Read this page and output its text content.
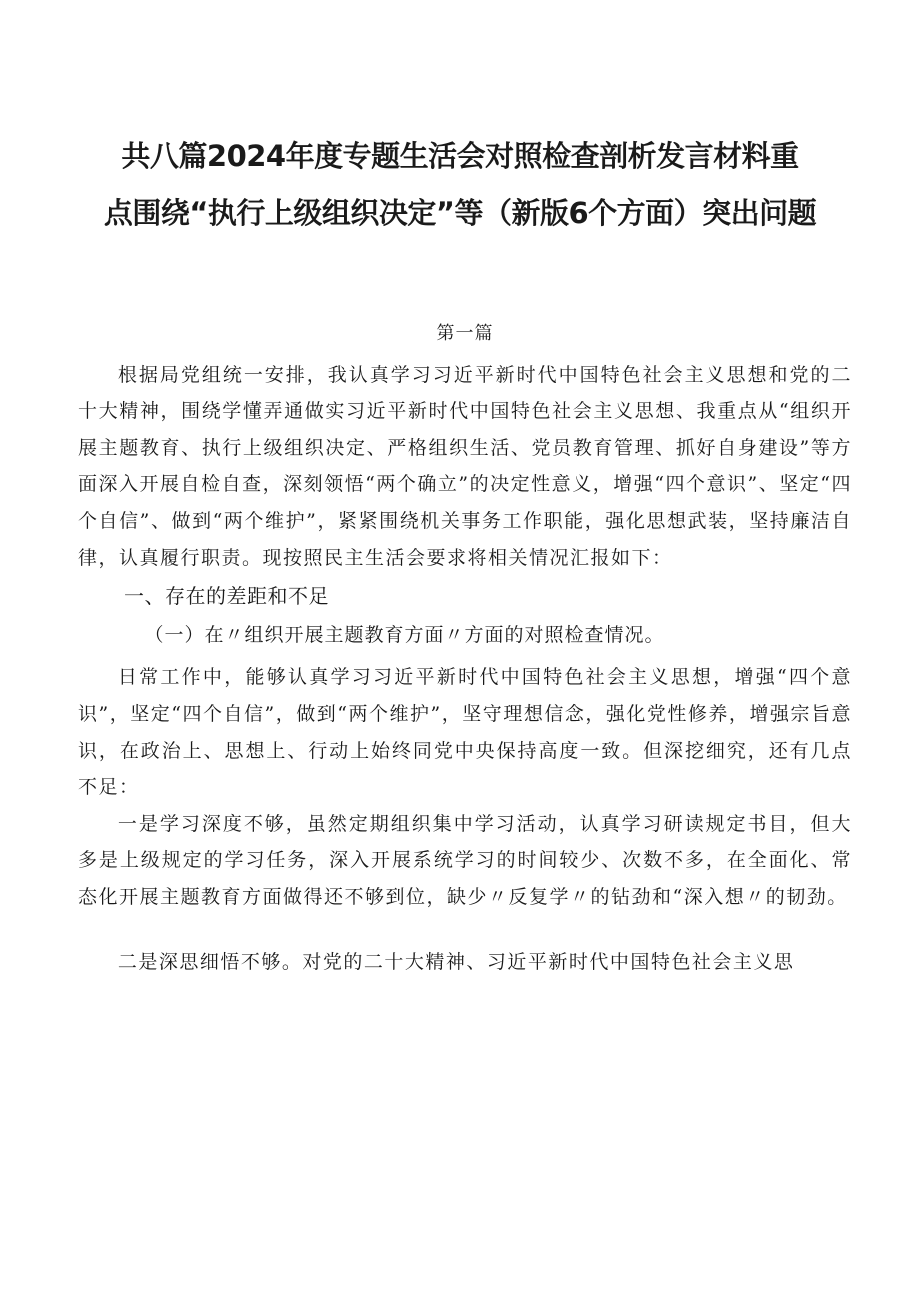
共八篇2024年度专题生活会对照检查剖析发言材料重
点围绕“执行上级组织决定”等（新版6个方面）突出问题
第一篇

根据局党组统一安排，我认真学习习近平新时代中国特色社会主义思想和党的二十大精神，围绕学懂弄通做实习近平新时代中国特色社会主义思想、我重点从“组织开展主题教育、执行上级组织决定、严格组织生活、党员教育管理、抓好自身建设”等方面深入开展自检自查，深刻领悟“两个确立”的决定性意义，增强“四个意识”、坚定“四个自信”、做到“两个维护”，紧紧围绕机关事务工作职能，强化思想武装，坚持廉洁自律，认真履行职责。现按照民主生活会要求将相关情况汇报如下：

一、存在的差距和不足

（一）在〃组织开展主题教育方面〃方面的对照检查情况。

日常工作中，能够认真学习习近平新时代中国特色社会主义思想，增强“四个意识”，坚定“四个自信”，做到“两个维护”，坚守理想信念，强化党性修养，增强宗旨意识，在政治上、思想上、行动上始终同党中央保持高度一致。但深挖细究，还有几点不足：

一是学习深度不够，虽然定期组织集中学习活动，认真学习研读规定书目，但大多是上级规定的学习任务，深入开展系统学习的时间较少、次数不多，在全面化、常态化开展主题教育方面做得还不够到位，缺少〃反复学〃的钻劲和“深入想〃的韧劲。

二是深思细悟不够。对党的二十大精神、习近平新时代中国特色社会主义思
